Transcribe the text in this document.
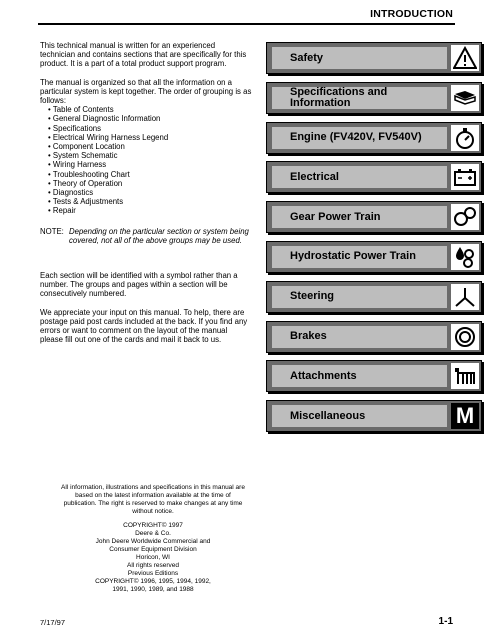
INTRODUCTION

This technical manual is written for an experienced technician and contains sections that are specifically for this product. It is a part of a total product support program.

The manual is organized so that all the information on a particular system is kept together. The order of grouping is as follows:

• Table of Contents
• General Diagnostic Information
• Specifications
• Electrical Wiring Harness Legend
• Component Location
• System Schematic
• Wiring Harness
• Troubleshooting Chart
• Theory of Operation
• Diagnostics
• Tests & Adjustments
• Repair
NOTE: Depending on the particular section or system being covered, not all of the above groups may be used.

Each section will be identified with a symbol rather than a number. The groups and pages within a section will be consecutively numbered.

We appreciate your input on this manual. To help, there are postage paid post cards included at the back. If you find any errors or want to comment on the layout of the manual please fill out one of the cards and mail it back to us.

Safety
Specifications and Information
Engine (FV420V, FV540V)
Electrical
Gear Power Train
Hydrostatic Power Train
Steering
Brakes
Attachments
Miscellaneous	M

All information, illustrations and specifications in this manual are based on the latest information available at the time of publication. The right is reserved to make changes at any time without notice.

COPYRIGHT© 1997
Deere & Co.
John Deere Worldwide Commercial and
Consumer Equipment Division
Horicon, WI
All rights reserved
Previous Editions
COPYRIGHT© 1996, 1995, 1994, 1992,
1991, 1990, 1989, and 1988
7/17/97	1-1
